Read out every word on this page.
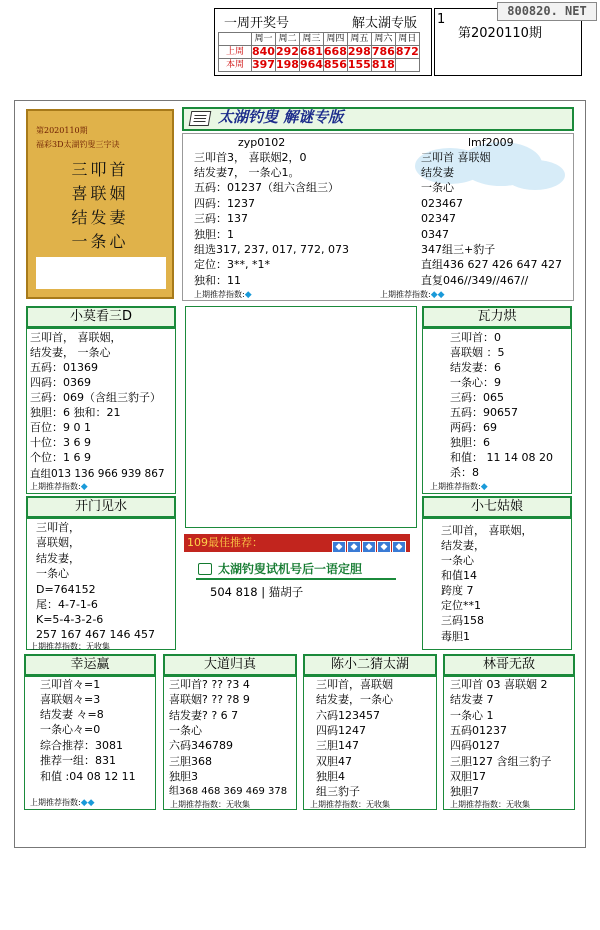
一周开奖号	解太湖专版 1
第2020110期
800820. NET
	周一	周二	周三	周四	周五	周六	周日
上周	840	292	681	668	298	786	872
本周	397	198	964	856	155	818	
第2020110期
福彩3D太湖钓叟三字诀
三叩首
喜联姻
结发妻
一条心
太湖钓叟 解谜专版
zyp0102
三叩首3， 喜联姻2，0
结发妻7， 一条心1。
五码：01237（组六含组三）
四码：1237
三码：137
独胆：1
组选317, 237, 017, 772, 073
定位：3**, *1*
独和：11
上期推荐指数:◆
lmf2009
三叩首 喜联姻
结发妻
一条心
023467
02347
0347
347组三+豹子
直组436 627 426 647 427
直复046//349//467//
上期推荐指数:◆◆
小莫看三D
三叩首， 喜联姻，
结发妻， 一条心
五码：01369
四码：0369
三码：069（含组三豹子）
独胆：6 独和：21
百位：9 0 1
十位：3 6 9
个位：1 6 9
直组013 136 966 939 867
上期推荐指数:◆
瓦力烘
三叩首：0
喜联姻 ：5
结发妻：6
一条心：9
三码：065
五码：90657
两码：69
独胆：6
和值： 11 14 08 20
杀：8
上期推荐指数:◆
开门见水
三叩首，
喜联姻，
结发妻，
一条心
D=764152
尾：4-7-1-6
K=5-4-3-2-6
257 167 467 146 457
上期推荐指数：无收集
109最佳推荐：	◆ ◆ ◆ ◆ ◆
太湖钓叟试机号后一语定胆
504 818 | 猫胡子
小七姑娘
三叩首， 喜联姻，
结发妻，
一条心
和值14
跨度 7
定位**1
三码158
毒胆1
幸运赢
三叩首々=1
喜联姻々=3
结发妻 々=8
一条心々=0
综合推荐：3081
推荐一组：831
和值 :04 08 12 11
上期推荐指数:◆◆
大道归真
三叩首? ?? ?3 4
喜联姻? ?? ?8 9
结发妻? ? 6 7
一条心
六码346789
三胆368
独胆3
组368 468 369 469 378
上期推荐指数：无收集
陈小二猜太湖
三叩首，喜联姻
结发妻，一条心
六码123457
四码1247
三胆147
双胆47
独胆4
组三豹子
上期推荐指数：无收集
林哥无敌
三叩首 03 喜联姻 2
结发妻 7
一条心 1
五码01237
四码0127
三胆127 含组三豹子
双胆17
独胆7
上期推荐指数：无收集
